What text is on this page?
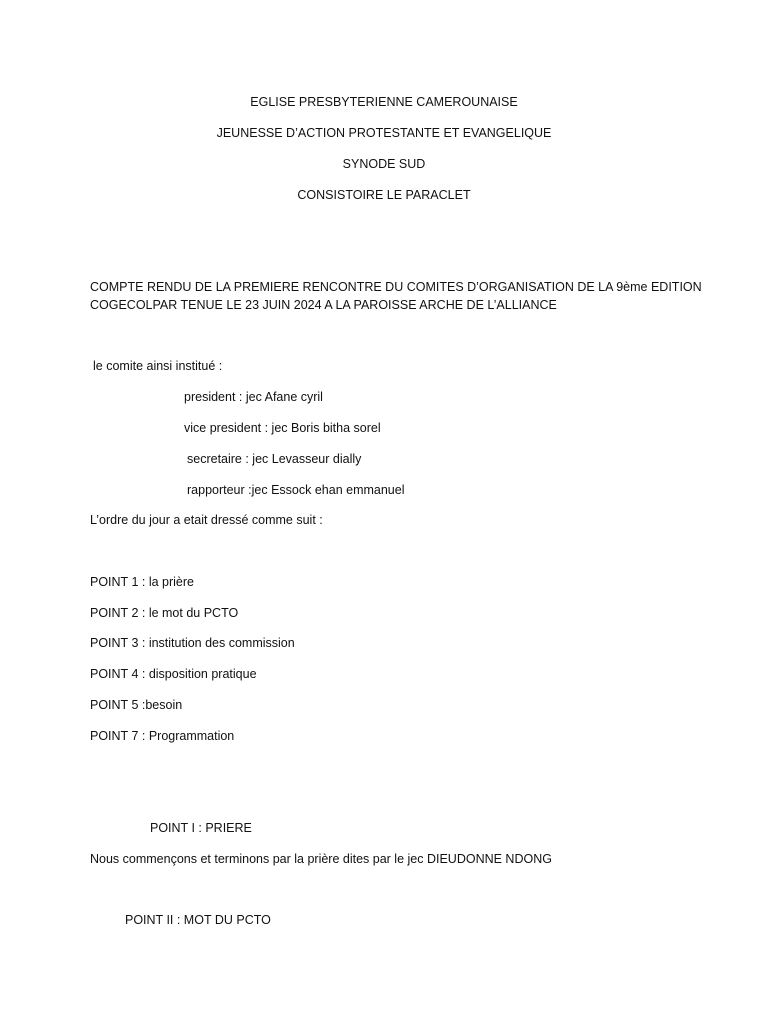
EGLISE PRESBYTERIENNE CAMEROUNAISE

JEUNESSE D’ACTION PROTESTANTE ET EVANGELIQUE

SYNODE SUD

CONSISTOIRE LE PARACLET

COMPTE RENDU DE LA PREMIERE RENCONTRE DU COMITES D’ORGANISATION DE LA 9ème EDITION

COGECOLPAR TENUE LE 23 JUIN 2024 A LA PAROISSE ARCHE DE L’ALLIANCE

le comite ainsi institué :

president : jec Afane cyril

vice president : jec Boris bitha sorel

secretaire : jec Levasseur dially

rapporteur :jec Essock ehan emmanuel

L’ordre du jour a etait dressé comme suit :

POINT 1 : la prière

POINT 2 : le mot du PCTO

POINT 3 : institution des commission

POINT 4 : disposition pratique

POINT 5 :besoin

POINT 7 : Programmation

POINT I : PRIERE

Nous commençons et terminons par la prière dites par le jec DIEUDONNE NDONG

POINT II : MOT DU PCTO
